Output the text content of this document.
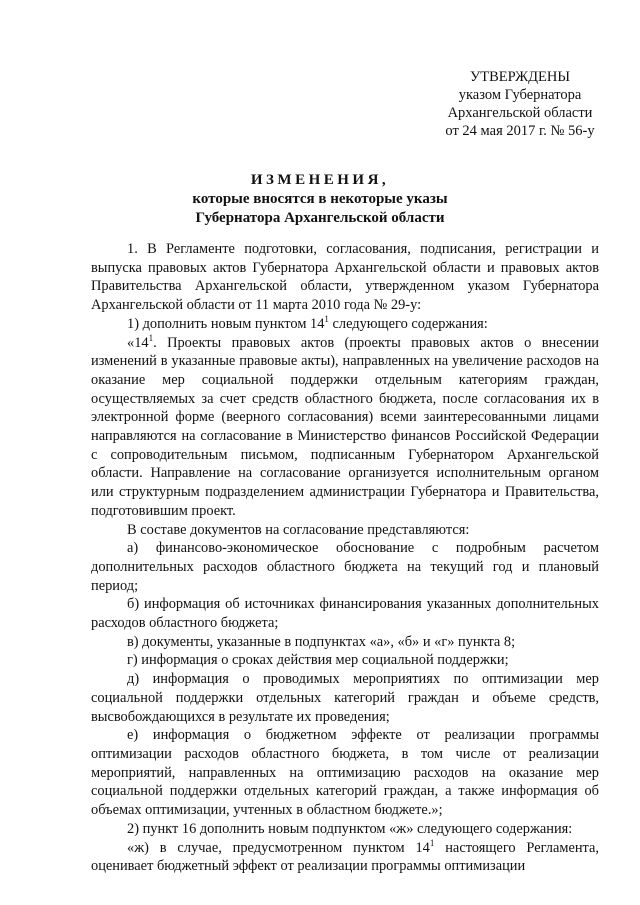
УТВЕРЖДЕНЫ
указом Губернатора
Архангельской области
от 24 мая 2017 г. № 56-у
ИЗМЕНЕНИЯ,
которые вносятся в некоторые указы
Губернатора Архангельской области

1. В Регламенте подготовки, согласования, подписания, регистрации и выпуска правовых актов Губернатора Архангельской области и правовых актов Правительства Архангельской области, утвержденном указом Губернатора Архангельской области от 11 марта 2010 года № 29-у:

1) дополнить новым пунктом $14^1$ следующего содержания:

«$14^1$. Проекты правовых актов (проекты правовых актов о внесении изменений в указанные правовые акты), направленных на увеличение расходов на оказание мер социальной поддержки отдельным категориям граждан, осуществляемых за счет средств областного бюджета, после согласования их в электронной форме (веерного согласования) всеми заинтересованными лицами направляются на согласование в Министерство финансов Российской Федерации с сопроводительным письмом, подписанным Губернатором Архангельской области. Направление на согласование организуется исполнительным органом или структурным подразделением администрации Губернатора и Правительства, подготовившим проект.

В составе документов на согласование представляются:

а) финансово-экономическое обоснование с подробным расчетом дополнительных расходов областного бюджета на текущий год и плановый период;

б) информация об источниках финансирования указанных дополнительных расходов областного бюджета;

в) документы, указанные в подпунктах «а», «б» и «г» пункта 8;

г) информация о сроках действия мер социальной поддержки;

д) информация о проводимых мероприятиях по оптимизации мер социальной поддержки отдельных категорий граждан и объеме средств, высвобождающихся в результате их проведения;

е) информация о бюджетном эффекте от реализации программы оптимизации расходов областного бюджета, в том числе от реализации мероприятий, направленных на оптимизацию расходов на оказание мер социальной поддержки отдельных категорий граждан, а также информация об объемах оптимизации, учтенных в областном бюджете.»;

2) пункт 16 дополнить новым подпунктом «ж» следующего содержания:

«ж) в случае, предусмотренном пунктом $14^1$ настоящего Регламента, оценивает бюджетный эффект от реализации программы оптимизации
